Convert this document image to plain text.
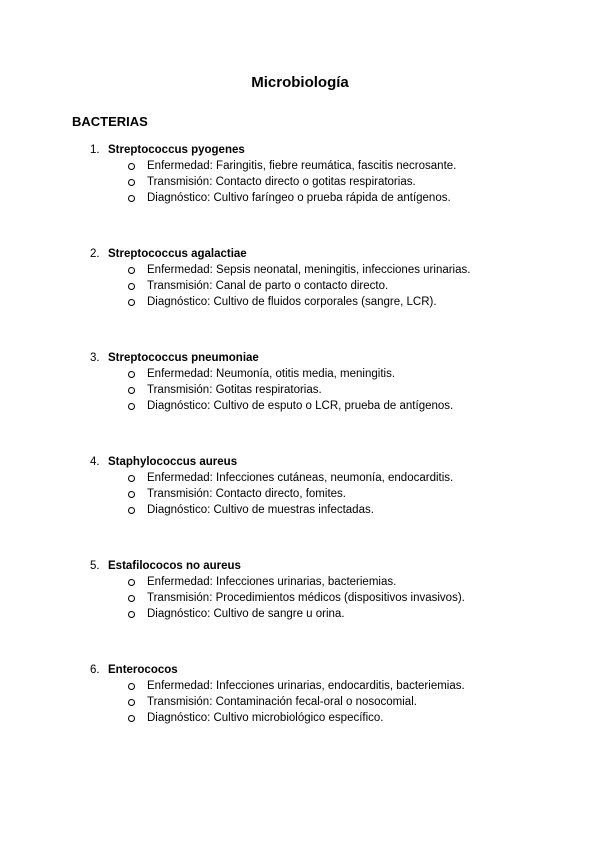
Microbiología
BACTERIAS
1. Streptococcus pyogenes
Enfermedad: Faringitis, fiebre reumática, fascitis necrosante.
Transmisión: Contacto directo o gotitas respiratorias.
Diagnóstico: Cultivo faríngeo o prueba rápida de antígenos.
2. Streptococcus agalactiae
Enfermedad: Sepsis neonatal, meningitis, infecciones urinarias.
Transmisión: Canal de parto o contacto directo.
Diagnóstico: Cultivo de fluidos corporales (sangre, LCR).
3. Streptococcus pneumoniae
Enfermedad: Neumonía, otitis media, meningitis.
Transmisión: Gotitas respiratorias.
Diagnóstico: Cultivo de esputo o LCR, prueba de antígenos.
4. Staphylococcus aureus
Enfermedad: Infecciones cutáneas, neumonía, endocarditis.
Transmisión: Contacto directo, fomites.
Diagnóstico: Cultivo de muestras infectadas.
5. Estafilococos no aureus
Enfermedad: Infecciones urinarias, bacteriemias.
Transmisión: Procedimientos médicos (dispositivos invasivos).
Diagnóstico: Cultivo de sangre u orina.
6. Enterococos
Enfermedad: Infecciones urinarias, endocarditis, bacteriemias.
Transmisión: Contaminación fecal-oral o nosocomial.
Diagnóstico: Cultivo microbiológico específico.
